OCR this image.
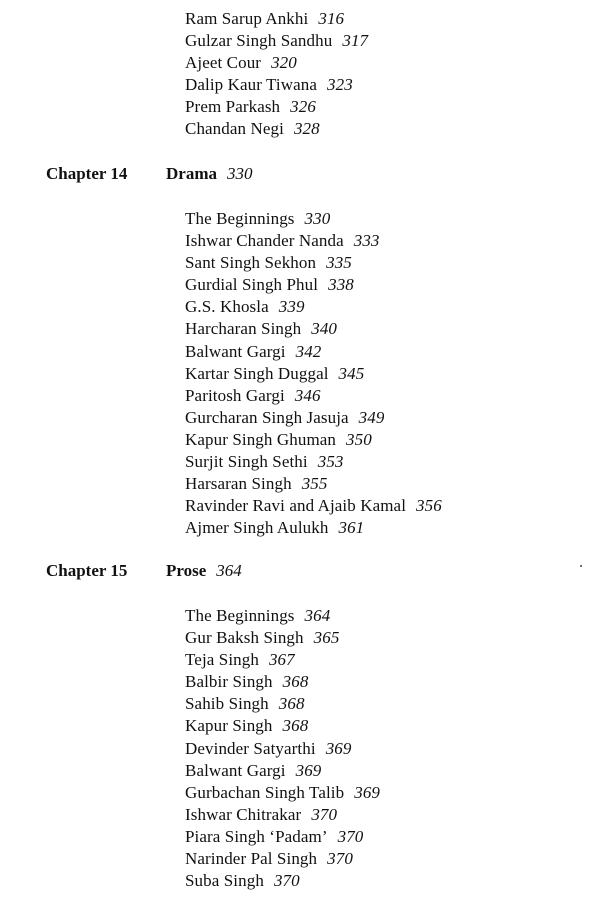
Ram Sarup Ankhi 316
Gulzar Singh Sandhu 317
Ajeet Cour 320
Dalip Kaur Tiwana 323
Prem Parkash 326
Chandan Negi 328
Chapter 14 Drama 330
The Beginnings 330
Ishwar Chander Nanda 333
Sant Singh Sekhon 335
Gurdial Singh Phul 338
G.S. Khosla 339
Harcharan Singh 340
Balwant Gargi 342
Kartar Singh Duggal 345
Paritosh Gargi 346
Gurcharan Singh Jasuja 349
Kapur Singh Ghuman 350
Surjit Singh Sethi 353
Harsaran Singh 355
Ravinder Ravi and Ajaib Kamal 356
Ajmer Singh Aulukh 361
Chapter 15 Prose 364
The Beginnings 364
Gur Baksh Singh 365
Teja Singh 367
Balbir Singh 368
Sahib Singh 368
Kapur Singh 368
Devinder Satyarthi 369
Balwant Gargi 369
Gurbachan Singh Talib 369
Ishwar Chitrakar 370
Piara Singh ‘Padam’ 370
Narinder Pal Singh 370
Suba Singh 370
